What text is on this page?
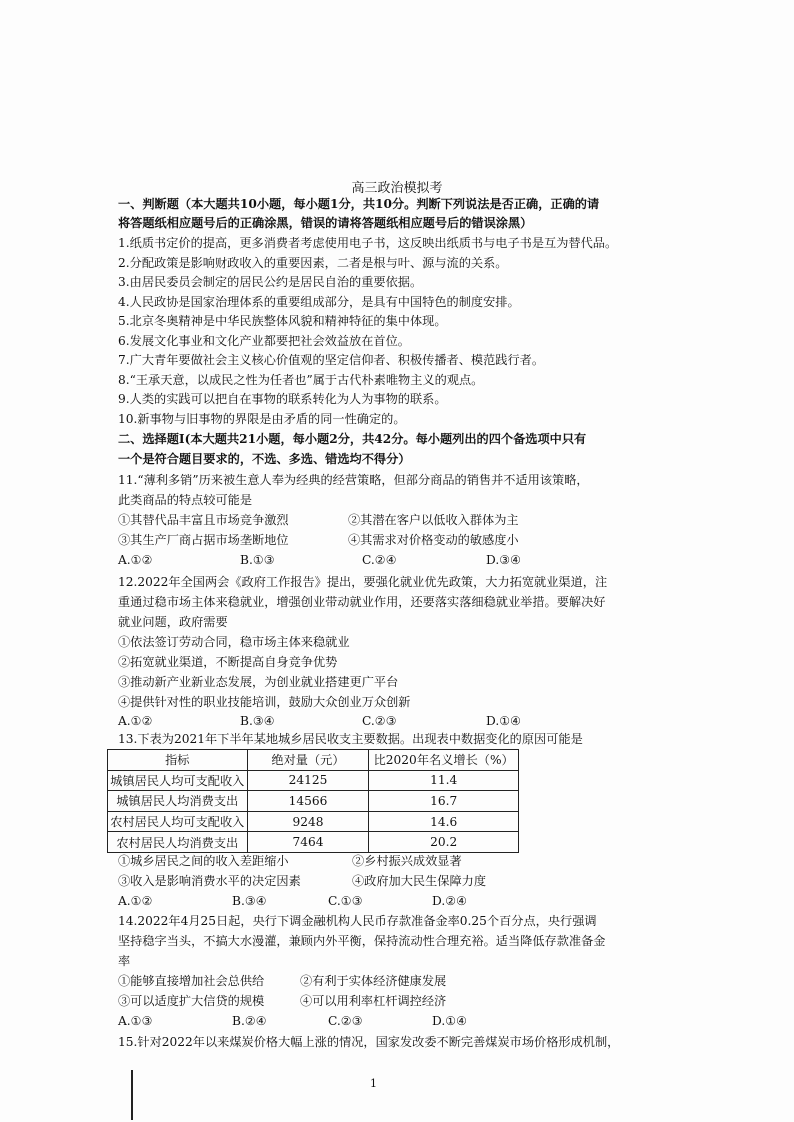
高三政治模拟考
一、判断题（本大题共10小题，每小题1分，共10分。判断下列说法是否正确，正确的请
将答题纸相应题号后的正确涂黑，错误的请将答题纸相应题号后的错误涂黑）
1.纸质书定价的提高，更多消费者考虑使用电子书，这反映出纸质书与电子书是互为替代品。
2.分配政策是影响财政收入的重要因素，二者是根与叶、源与流的关系。
3.由居民委员会制定的居民公约是居民自治的重要依据。
4.人民政协是国家治理体系的重要组成部分，是具有中国特色的制度安排。
5.北京冬奥精神是中华民族整体风貌和精神特征的集中体现。
6.发展文化事业和文化产业都要把社会效益放在首位。
7.广大青年要做社会主义核心价值观的坚定信仰者、积极传播者、模范践行者。
8.“王承天意，以成民之性为任者也”属于古代朴素唯物主义的观点。
9.人类的实践可以把自在事物的联系转化为人为事物的联系。
10.新事物与旧事物的界限是由矛盾的同一性确定的。
二、选择题Ⅰ(本大题共21小题，每小题2分，共42分。每小题列出的四个备选项中只有
一个是符合题目要求的，不选、多选、错选均不得分）
11.“薄利多销”历来被生意人奉为经典的经营策略，但部分商品的销售并不适用该策略，
此类商品的特点较可能是
①其替代品丰富且市场竞争激烈	②其潜在客户以低收入群体为主
③其生产厂商占据市场垄断地位	④其需求对价格变动的敏感度小
A.①②	B.①③	C.②④	D.③④
12.2022年全国两会《政府工作报告》提出，要强化就业优先政策，大力拓宽就业渠道，注
重通过稳市场主体来稳就业，增强创业带动就业作用，还要落实落细稳就业举措。要解决好
就业问题，政府需要
①依法签订劳动合同，稳市场主体来稳就业
②拓宽就业渠道，不断提高自身竞争优势
③推动新产业新业态发展，为创业就业搭建更广平台
④提供针对性的职业技能培训，鼓励大众创业万众创新
A.①②	B.③④	C.②③	D.①④
13.下表为2021年下半年某地城乡居民收支主要数据。出现表中数据变化的原因可能是
指标	绝对量（元）	比2020年名义增长（%）
城镇居民人均可支配收入	24125	11.4
城镇居民人均消费支出	14566	16.7
农村居民人均可支配收入	9248	14.6
农村居民人均消费支出	7464	20.2
①城乡居民之间的收入差距缩小	②乡村振兴成效显著
③收入是影响消费水平的决定因素	④政府加大民生保障力度
A.①②	B.③④	C.①③	D.②④
14.2022年4月25日起，央行下调金融机构人民币存款准备金率0.25个百分点，央行强调
坚持稳字当头，不搞大水漫灌，兼顾内外平衡，保持流动性合理充裕。适当降低存款准备金
率
①能够直接增加社会总供给	②有利于实体经济健康发展
③可以适度扩大信贷的规模	④可以用利率杠杆调控经济
A.①③	B.②④	C.②③	D.①④
15.针对2022年以来煤炭价格大幅上涨的情况，国家发改委不断完善煤炭市场价格形成机制，
1
